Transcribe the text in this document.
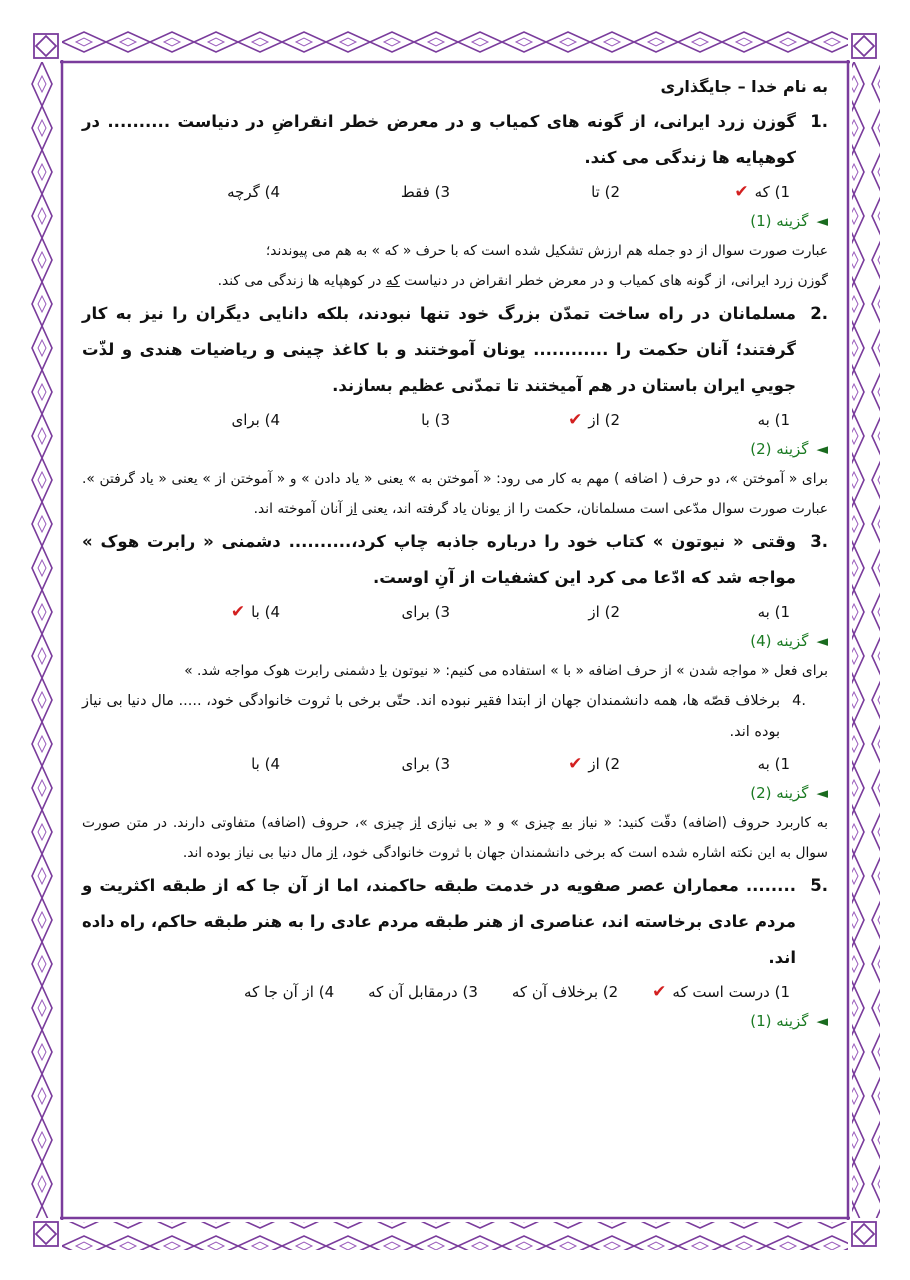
به نام خدا – جایگذاری
.1
گوزن زرد ایرانی، از گونه های کمیاب و در معرض خطر انقراضِ در دنیاست .......... در کوهپایه ها زندگی می کند.
1) که✔
2) تا
3) فقط
4) گرچه
◄گزینه (1)
عبارت صورت سوال از دو جمله هم ارزش تشکیل شده است که با حرف « که » به هم می پیوندند؛
گوزن زرد ایرانی، از گونه های کمیاب و در معرض خطر انقراض در دنیاست که در کوهپایه ها زندگی می کند.
.2
مسلمانان در راه ساخت تمدّن بزرگ خود تنها نبودند، بلکه دانایی دیگران را نیز به کار گرفتند؛ آنان حکمت را ............ یونان آموختند و با کاغذ چینی و ریاضیات هندی و لذّت جوییِ ایران باستان در هم آمیختند تا تمدّنی عظیم بسازند.
1) به
2) از✔
3) با
4) برای
◄گزینه (2)
برای « آموختن »، دو حرف ( اضافه ) مهم به کار می رود: « آموختن به » یعنی « یاد دادن » و « آموختن از » یعنی « یاد گرفتن ». عبارت صورت سوال مدّعی است مسلمانان، حکمت را از یونان یاد گرفته اند، یعنی از آنان آموخته اند.
.3
وقتی « نیوتون » کتاب خود را درباره جاذبه چاپ کرد،.......... دشمنی « رابرت هوک » مواجه شد که ادّعا می کرد این کشفیات از آنِ اوست.
1) به
2) از
3) برای
4) با✔
◄گزینه (4)
برای فعل « مواجه شدن » از حرف اضافه « با » استفاده می کنیم: « نیوتون با دشمنی رابرت هوک مواجه شد. »
.4
برخلاف قصّه ها، همه دانشمندان جهان از ابتدا فقیر نبوده اند. حتّی برخی با ثروت خانوادگی خود، ..... مال دنیا بی نیاز بوده اند.
1) به
2) از✔
3) برای
4) با
◄گزینه (2)
به کاربرد حروف (اضافه) دقّت کنید: « نیاز به چیزی » و « بی نیازی از چیزی »، حروف (اضافه) متفاوتی دارند. در متن صورت سوال به این نکته اشاره شده است که برخی دانشمندان جهان با ثروت خانوادگی خود، از مال دنیا بی نیاز بوده اند.
.5
........ معماران عصر صفویه در خدمت طبقه حاکمند، اما از آن جا که از طبقه اکثریت و مردم عادی برخاسته اند، عناصری از هنر طبقه مردم عادی را به هنر طبقه حاکم، راه داده اند.
1) درست است که✔
2) برخلاف آن که
3) درمقابل آن که
4) از آن جا که
◄گزینه (1)
